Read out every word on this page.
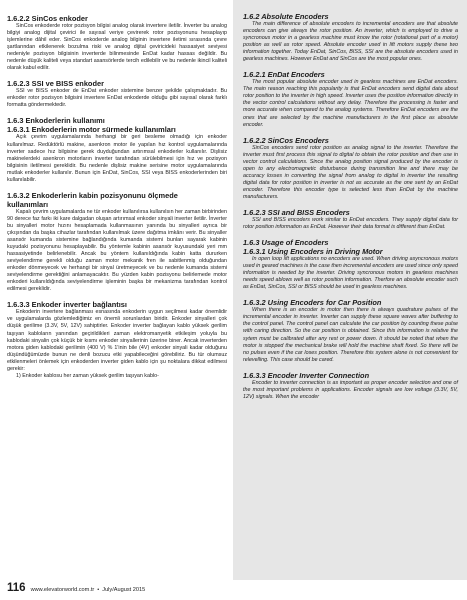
1.6.2.2 SinCos enkoder

SinCos enkoderde rotor pozisyon bilgisi analog olarak invertere iletilir. İnverter bu analog bilgiyi analog dijital çevirici ile sayısal veriye çevirerek rotor pozisyonunu hesaplayıp işlemlerine dâhil eder. SinCos enkoderde analog bilginin invertere iletimi sırasında çevre şartlarından etkilenerek bozulma riski ve analog dijital çeviricideki hassasiyet seviyesi nedeniyle pozisyon bilgisinin inverterde bilinmesinde EnDat kadar hassas değildir. Bu nedenle düşük kaliteli veya standart asansörlerde tercih edilebilir ve bu nedenle ikincil kaliteli olarak kabul edilir.

1.6.2.3 SSI ve BISS enkoder

SSI ve BISS enkoder de EnDat enkoder sistemine benzer şekilde çalışmaktadır. Bu enkoder rotor pozisyon bilgisini invertere EnDat enkoderde olduğu gibi sayısal olarak farklı formatta göndermektedir.

1.6.3 Enkoderlerin kullanımı
1.6.3.1 Enkoderlerin motor sürmede kullanımları

Açık çevrim uygulamalarında herhangi bir geri besleme olmadığı için enkoder kullanılmaz. Redüktörlü makine, asenkron motor ile yapılan hız kontrol uygulamalarında inverter sadece hız bilgisine gerek duyduğundan artırımsal enkoderler kullanılır. Dişlisiz makinelerdeki asenkron motorların inverter tarafından sürülebilmesi için hız ve pozisyon bilgisinin iletilmesi gereklidir. Bu nedenle dişlisiz makine serisine motor uygulamalarında mutlak enkoderler kullanılır. Bunun için EnDat, SinCos, SSI veya BISS enkoderlerinden biri kullanılabilir.

1.6.3.2 Enkoderlerin kabin pozisyonunu ölçmede
kullanımları

Kapalı çevrim uygulamalarda ne tür enkoder kullanılırsa kullanılsın her zaman birbirinden 90 derece faz farkı iki kare dalgadan oluşan artırımsal enkoder sinyali inverter iletilir. İnverter bu sinyalleri motor hızını hesaplamada kullanmasının yanında bu sinyalleri ayrıca bir çıkışından da başka cihazlar tarafından kullanılmak üzere dağıtma imkânı verir. Bu sinyaller asansör kumanda sistemine bağlandığında kumanda sistemi bunları sayarak kabinin kuyudaki pozisyonunu hesaplayabilir. Bu yöntemle kabinin asansör kuyusundaki yeri mm hassasiyetinde belirlenebilir. Ancak bu yöntem kullanıldığında kabin katta dururken seviyelendirme gerekli olduğu zaman motor mekanik fren ile sabitlenmiş olduğundan enkoder dönmeyecek ve herhangi bir sinyal üretmeyecek ve bu nedenle kumanda sistemi seviyelendirme gerektiğini anlamayacaktır. Bu yüzden kabin pozisyonu belirlemede motor enkoderi kullanıldığında seviyelendirme işleminin başka bir mekanizma tarafından kontrol edilmesi gereklidir.

1.6.3.3 Enkoder inverter bağlantısı

Enkoderin invertere bağlanması esnasında enkoderin uygun seçilmesi kadar önemlidir ve uygulamalarda gözlemlediğimiz en önemli sorunlardan biridir. Enkoder sinyalleri çok düşük gerilime (3.3V, 5V, 12V) sahiptirler. Enkoder inverter bağlayan kablo yüksek gerilim taşıyan kabloların yanından geçirildikleri zaman elektromanyetik etkileşim yoluyla bu kablodaki sinyalin çok küçük bir kısmı enkoder sinyallerinin üzerine biner. Ancak inverterden motora giden kablodaki gerilimin (400 V) % 1'inin bile (4V) enkoder sinyali kadar olduğunu düşündüğümüzde bunun ne denli bozucu etki yapabileceğini görebiliriz. Bu tür olumsuz etkilenmeleri önlemek için enkoderden inverter giden kablo için şu noktalara dikkat edilmesi gerekir:

1) Enkoder kablosu her zaman yüksek gerilim taşıyan kablo-

1.6.2 Absolute Encoders

The main difference of absolute encoders to incremental encoders are that absolute encoders can give always the rotor position. An inverter, which is employed to drive a syncronous motor in a gearless machine must know the rotor (rotational part of a motor) position as well as rotor speed. Absolute encoder used in lift motors supply these two information together. Today EnDat, SinCos, BISS, SSI are the absolute encoders used in gearless machines. However EnDat and SinCos are the most popular ones.

1.6.2.1 EnDat Encoders

The most popular absolute encoder used in gearless machines are EnDat encoders. The main reason reaching this popularity is that EnDat encoders send digital data about rotor position to the inverter in high speed. Inverter uses the position information directly in the vector control calculations without any delay. Therefore the processing is faster and more accurate when compared to the analog systems. Therefore EnDat encoders are the ones that are selected by the machine manufacturers in the first place as absolute encoder.

1.6.2.2 SinCos Encoders

SinCos encoders send rotor position as analog signal to the inverter. Therefore the inverter must first process this signal to digital to obtain the rotor position and then use in vector control calculations. Since the analog position signal produced by the encoder is open to any electromagnetic disturbance during transmition line and there may be accuracy losses in converting the signal from analog to digital in inverter the resulting digital data for rotor position in inverter is not as accurate as the one sent by an EnDat encoder. Therefore this encoder type is selected less than EnDat by the machine manufacturers.

1.6.2.3 SSI and BISS Encoders

SSI and BISS encoders work similar to EnDat encoders. They supply digital data for rotor position information as EnDat. However their data format is different than EnDat.

1.6.3 Usage of Encoders
1.6.3.1 Using Encoders in Driving Motor

In open loop lift applications no encoders are used. When driving asyncronous motors used in geared machines is the case then incremental encoders are used since only speed information is needed by the inverter. Driving syncronous motors in gearless machines needs speed ablows well as rotor position information. Therfore an absolute encoder such as EnDat, SinCos, SSI or BISS should be used in gearless machines.

1.6.3.2 Using Encoders for Car Position

When there is an encoder in motor then there is always quadrature pulses of the incremental encoder in inverter. Inverter can supply these square waves after buffering to the control panel. The control panel can calculate the car position by counting these pulse with caring direction. So the car position is obtained. Since this information is relative the sytem must be calibrated after any rest or power down. It should be noted that when the motor is stopped the mechanical brake will hold the machine shaft fixed. So there will be no pulses even if the car loses position. Therefore this system alone is not convenient for relevelling. This case should be cared.

1.6.3.3 Encoder Inverter Connection

Encoder to inverter connection is as important as proper encoder selection and one of the most important problems in applications. Encoder signals are low voltage (3.3V, 5V, 12V) signals. When the encoder

116 www.elevatorworld.com.tr • July/August 2015
